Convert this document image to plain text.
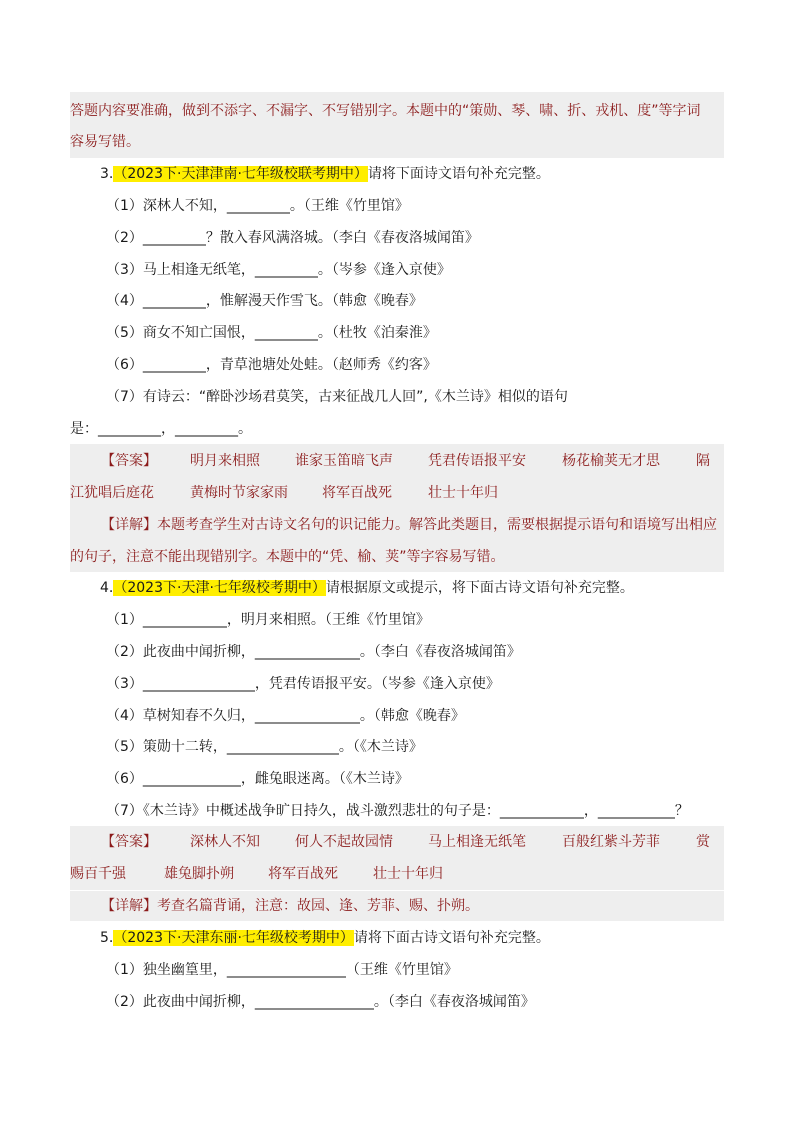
答题内容要准确，做到不添字、不漏字、不写错别字。本题中的“策勋、琴、啸、折、戎机、度”等字词
容易写错。
3.（2023下·天津津南·七年级校联考期中）请将下面诗文语句补充完整。
（1）深林人不知，_________。（王维《竹里馆》
（2）_________？散入春风满洛城。（李白《春夜洛城闻笛》
（3）马上相逢无纸笔，_________。（岑参《逢入京使》
（4）_________，惟解漫天作雪飞。（韩愈《晚春》
（5）商女不知亡国恨，_________。（杜牧《泊秦淮》
（6）_________，青草池塘处处蛙。（赵师秀《约客》
（7）有诗云：“醉卧沙场君莫笑，古来征战几人回”,《木兰诗》相似的语句
是：_________，_________。
【答案】 明月来相照	谁家玉笛暗飞声	凭君传语报平安	杨花榆荚无才思	隔
江犹唱后庭花	黄梅时节家家雨 将军百战死	壮士十年归
【详解】本题考查学生对古诗文名句的识记能力。解答此类题目，需要根据提示语句和语境写出相应
的句子，注意不能出现错别字。本题中的“凭、榆、荚”等字容易写错。
4.（2023下·天津·七年级校考期中）请根据原文或提示，将下面古诗文语句补充完整。
（1）____________，明月来相照。（王维《竹里馆》
（2）此夜曲中闻折柳，_______________。（李白《春夜洛城闻笛》
（3）________________，凭君传语报平安。（岑参《逢入京使》
（4）草树知春不久归，_______________。（韩愈《晚春》
（5）策勋十二转，________________。（《木兰诗》
（6）______________，雌兔眼迷离。（《木兰诗》
（7）《木兰诗》中概述战争旷日持久，战斗激烈悲壮的句子是：____________，___________？
【答案】 深林人不知	何人不起故园情	马上相逢无纸笔	百般红紫斗芳菲	赏
赐百千强	雄兔脚扑朔 将军百战死	壮士十年归
【详解】考查名篇背诵，注意：故园、逢、芳菲、赐、扑朔。
5.（2023下·天津东丽·七年级校考期中）请将下面古诗文语句补充完整。
（1）独坐幽篁里，_________________（王维《竹里馆》
（2）此夜曲中闻折柳，_________________。（李白《春夜洛城闻笛》
